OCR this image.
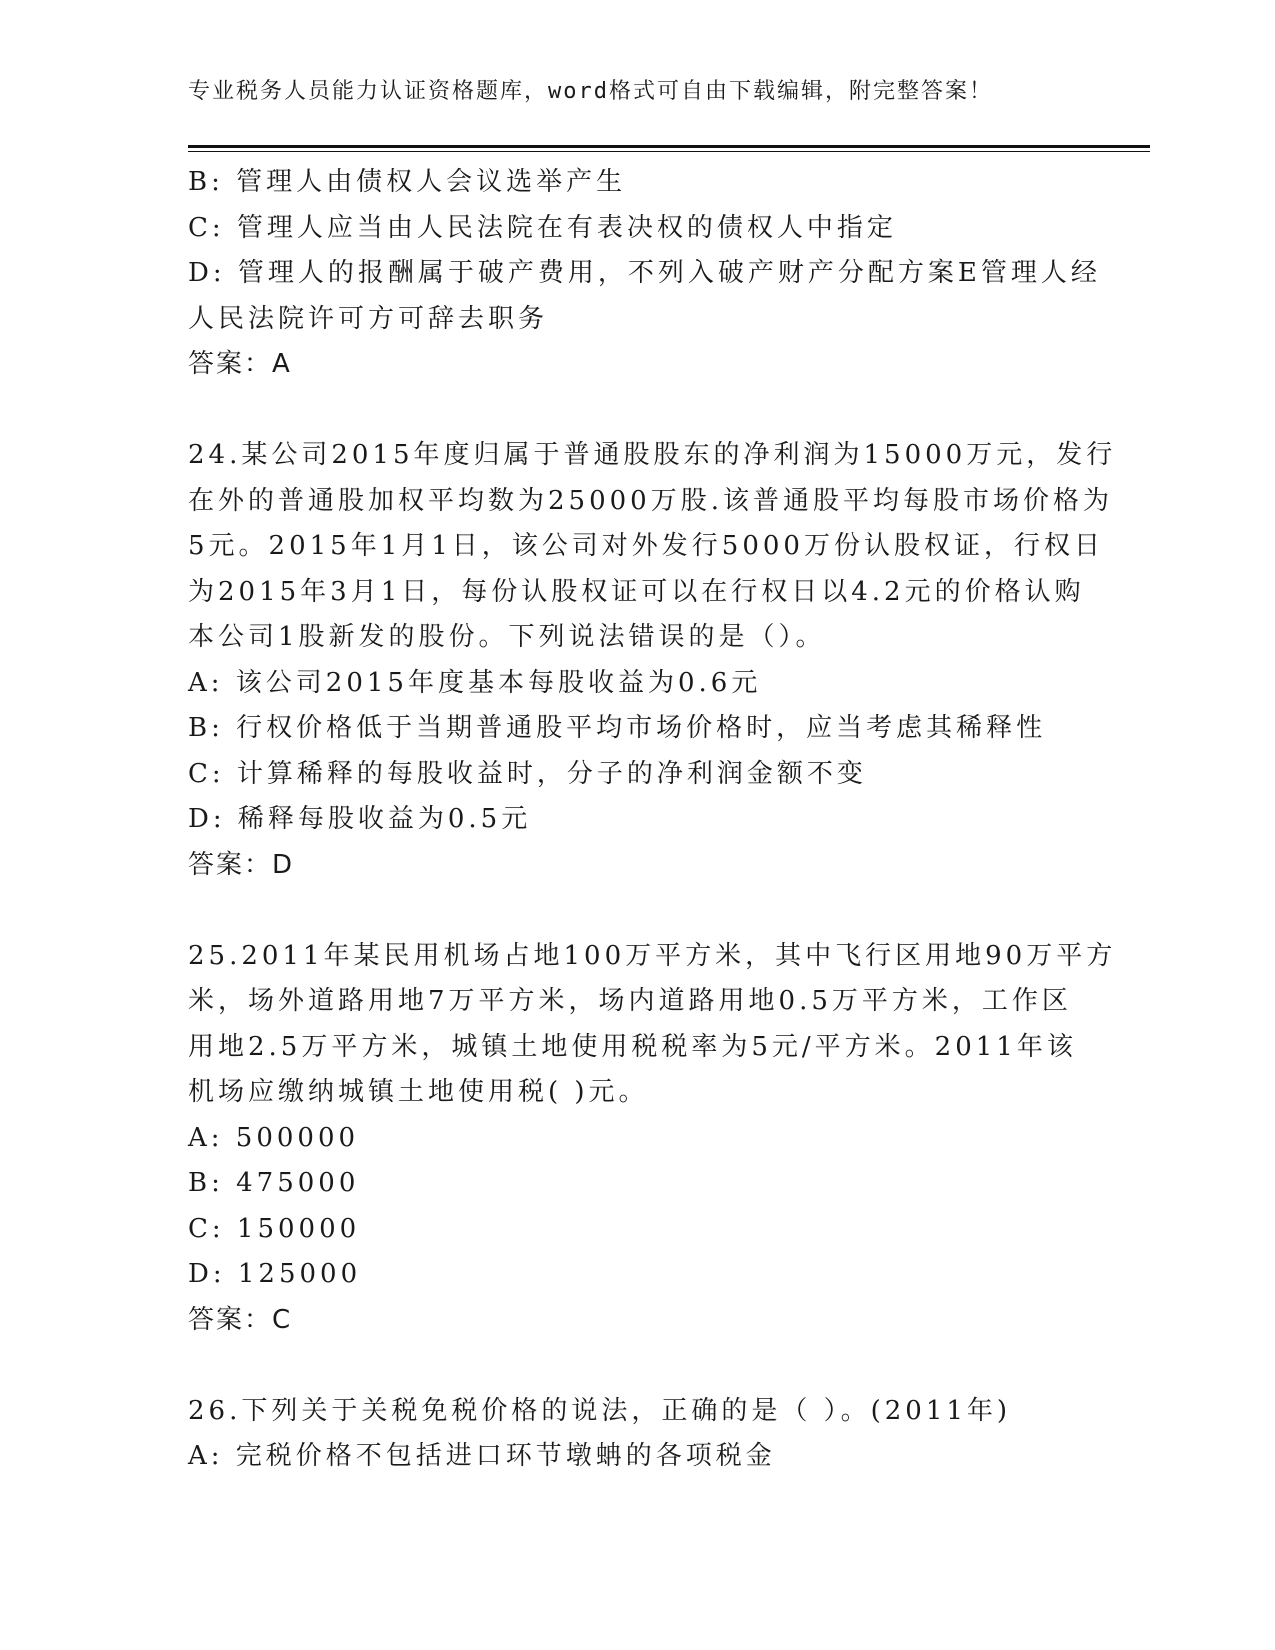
专业税务人员能力认证资格题库，word格式可自由下载编辑，附完整答案！
B: 管理人由债权人会议选举产生
C: 管理人应当由人民法院在有表决权的债权人中指定
D: 管理人的报酬属于破产费用，不列入破产财产分配方案E管理人经
人民法院许可方可辞去职务
答案：A
24.某公司2015年度归属于普通股股东的净利润为15000万元，发行
在外的普通股加权平均数为25000万股.该普通股平均每股市场价格为
5元。2015年1月1日，该公司对外发行5000万份认股权证，行权日
为2015年3月1日，每份认股权证可以在行权日以4.2元的价格认购
本公司1股新发的股份。下列说法错误的是（）。
A: 该公司2015年度基本每股收益为0.6元
B: 行权价格低于当期普通股平均市场价格时，应当考虑其稀释性
C: 计算稀释的每股收益时，分子的净利润金额不变
D: 稀释每股收益为0.5元
答案：D
25.2011年某民用机场占地100万平方米，其中飞行区用地90万平方
米，场外道路用地7万平方米，场内道路用地0.5万平方米，工作区
用地2.5万平方米，城镇土地使用税税率为5元/平方米。2011年该
机场应缴纳城镇土地使用税( )元。
A: 500000
B: 475000
C: 150000
D: 125000
答案：C
26.下列关于关税免税价格的说法，正确的是（ ）。(2011年)
A: 完税价格不包括进口环节墩蚺的各项税金
